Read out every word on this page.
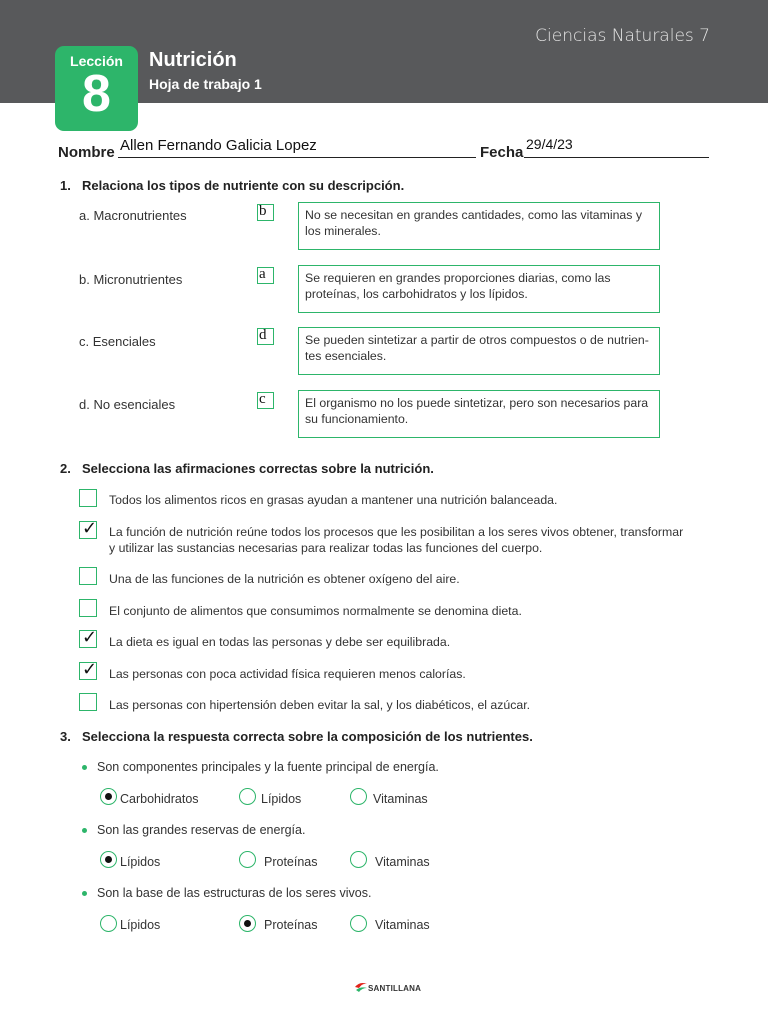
Ciencias Naturales 7
Lección
8
Nutrición
Hoja de trabajo 1
Nombre Allen Fernando Galicia Lopez	Fecha 29/4/23
1. Relaciona los tipos de nutriente con su descripción.
a. Macronutrientes	b	No se necesitan en grandes cantidades, como las vitaminas y los minerales.
b. Micronutrientes	a	Se requieren en grandes proporciones diarias, como las proteínas, los carbohidratos y los lípidos.
c. Esenciales	d	Se pueden sintetizar a partir de otros compuestos o de nutrien- tes esenciales.
d. No esenciales	c	El organismo no los puede sintetizar, pero son necesarios para su funcionamiento.
2. Selecciona las afirmaciones correctas sobre la nutrición.
Todos los alimentos ricos en grasas ayudan a mantener una nutrición balanceada.
✓ La función de nutrición reúne todos los procesos que les posibilitan a los seres vivos obtener, transformar y utilizar las sustancias necesarias para realizar todas las funciones del cuerpo.
Una de las funciones de la nutrición es obtener oxígeno del aire.
El conjunto de alimentos que consumimos normalmente se denomina dieta.
✓ La dieta es igual en todas las personas y debe ser equilibrada.
✓ Las personas con poca actividad física requieren menos calorías.
Las personas con hipertensión deben evitar la sal, y los diabéticos, el azúcar.
3. Selecciona la respuesta correcta sobre la composición de los nutrientes.
Son componentes principales y la fuente principal de energía.
Carbohidratos	Lípidos	Vitaminas
Son las grandes reservas de energía.
Lípidos	Proteínas	Vitaminas
Son la base de las estructuras de los seres vivos.
Lípidos	Proteínas	Vitaminas
SANTILLANA
